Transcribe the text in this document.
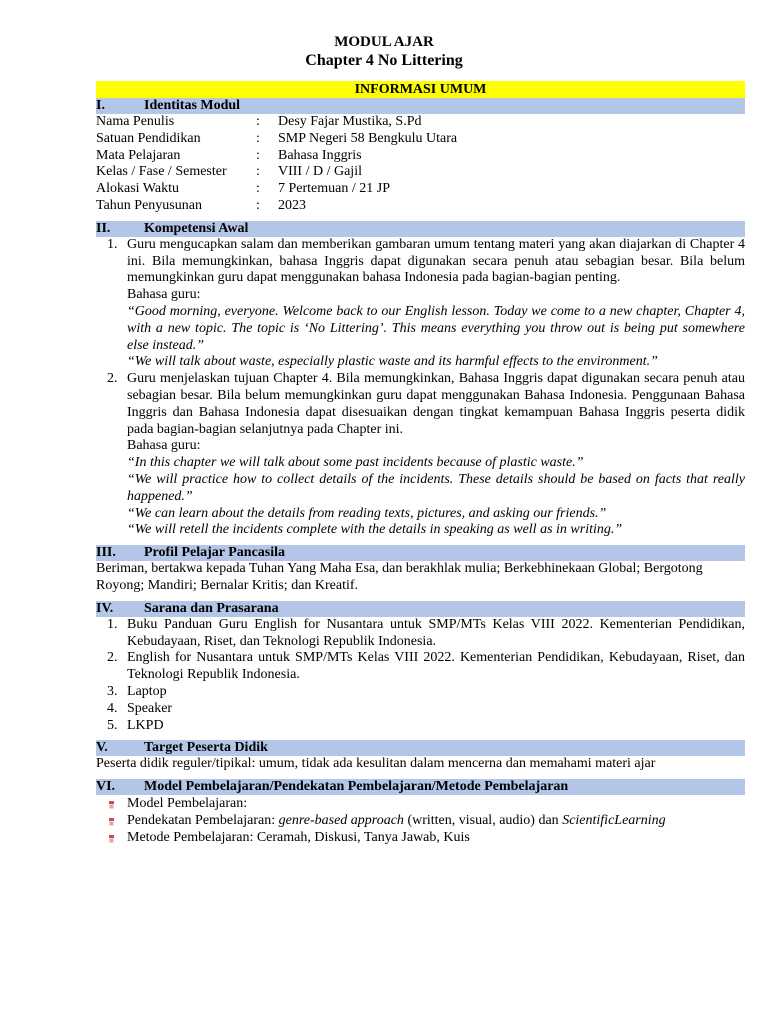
MODUL AJAR
Chapter 4 No Littering
INFORMASI UMUM
I.	Identitas Modul
Nama Penulis	:	Desy Fajar Mustika, S.Pd
Satuan Pendidikan	:	SMP Negeri 58 Bengkulu Utara
Mata Pelajaran	:	Bahasa Inggris
Kelas / Fase / Semester	:	VIII / D / Gajil
Alokasi Waktu	:	7 Pertemuan / 21 JP
Tahun Penyusunan	:	2023
II.	Kompetensi Awal
1. Guru mengucapkan salam dan memberikan gambaran umum tentang materi yang akan diajarkan di Chapter 4 ini. Bila memungkinkan, bahasa Inggris dapat digunakan secara penuh atau sebagian besar. Bila belum memungkinkan guru dapat menggunakan bahasa Indonesia pada bagian-bagian penting.
Bahasa guru:
“Good morning, everyone. Welcome back to our English lesson. Today we come to a new chapter, Chapter 4, with a new topic. The topic is ‘No Littering’. This means everything you throw out is being put somewhere else instead.”
“We will talk about waste, especially plastic waste and its harmful effects to the environment.”
2. Guru menjelaskan tujuan Chapter 4. Bila memungkinkan, Bahasa Inggris dapat digunakan secara penuh atau sebagian besar. Bila belum memungkinkan guru dapat menggunakan Bahasa Indonesia. Penggunaan Bahasa Inggris dan Bahasa Indonesia dapat disesuaikan dengan tingkat kemampuan Bahasa Inggris peserta didik pada bagian-bagian selanjutnya pada Chapter ini.
Bahasa guru:
“In this chapter we will talk about some past incidents because of plastic waste.”
“We will practice how to collect details of the incidents. These details should be based on facts that really happened.”
“We can learn about the details from reading texts, pictures, and asking our friends.”
“We will retell the incidents complete with the details in speaking as well as in writing.”
III.	Profil Pelajar Pancasila
Beriman, bertakwa kepada Tuhan Yang Maha Esa, dan berakhlak mulia; Berkebhinekaan Global; Bergotong Royong; Mandiri; Bernalar Kritis; dan Kreatif.
IV.	Sarana dan Prasarana
1. Buku Panduan Guru English for Nusantara untuk SMP/MTs Kelas VIII 2022. Kementerian Pendidikan, Kebudayaan, Riset, dan Teknologi Republik Indonesia.
2. English for Nusantara untuk SMP/MTs Kelas VIII 2022. Kementerian Pendidikan, Kebudayaan, Riset, dan Teknologi Republik Indonesia.
3. Laptop
4. Speaker
5. LKPD
V.	Target Peserta Didik
Peserta didik reguler/tipikal: umum, tidak ada kesulitan dalam mencerna dan memahami materi ajar
VI.	Model Pembelajaran/Pendekatan Pembelajaran/Metode Pembelajaran
Model Pembelajaran:
Pendekatan Pembelajaran: genre-based approach (written, visual, audio) dan ScientificLearning
Metode Pembelajaran: Ceramah, Diskusi, Tanya Jawab, Kuis
